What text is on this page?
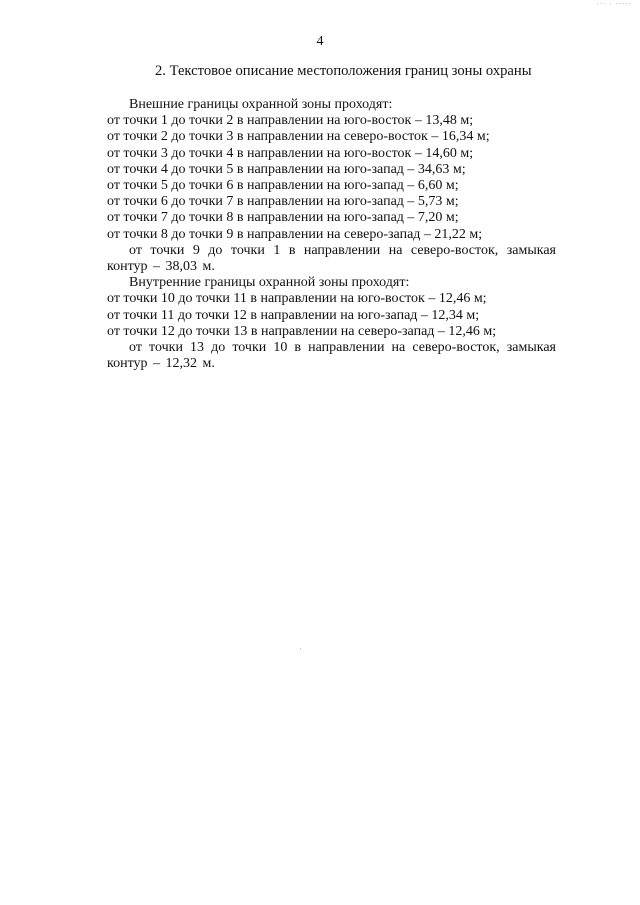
··· · ·····
4
2. Текстовое описание местоположения границ зоны охраны
Внешние границы охранной зоны проходят:
от точки 1 до точки 2 в направлении на юго-восток – 13,48 м;
от точки 2 до точки 3 в направлении на северо-восток – 16,34 м;
от точки 3 до точки 4 в направлении на юго-восток – 14,60 м;
от точки 4 до точки 5 в направлении на юго-запад – 34,63 м;
от точки 5 до точки 6 в направлении на юго-запад – 6,60 м;
от точки 6 до точки 7 в направлении на юго-запад – 5,73 м;
от точки 7 до точки 8 в направлении на юго-запад – 7,20 м;
от точки 8 до точки 9 в направлении на северо-запад – 21,22 м;
от точки 9 до точки 1 в направлении на северо-восток, замыкая
контур – 38,03 м.
Внутренние границы охранной зоны проходят:
от точки 10 до точки 11 в направлении на юго-восток – 12,46 м;
от точки 11 до точки 12 в направлении на юго-запад – 12,34 м;
от точки 12 до точки 13 в направлении на северо-запад – 12,46 м;
от точки 13 до точки 10 в направлении на северо-восток, замыкая
контур – 12,32 м.
